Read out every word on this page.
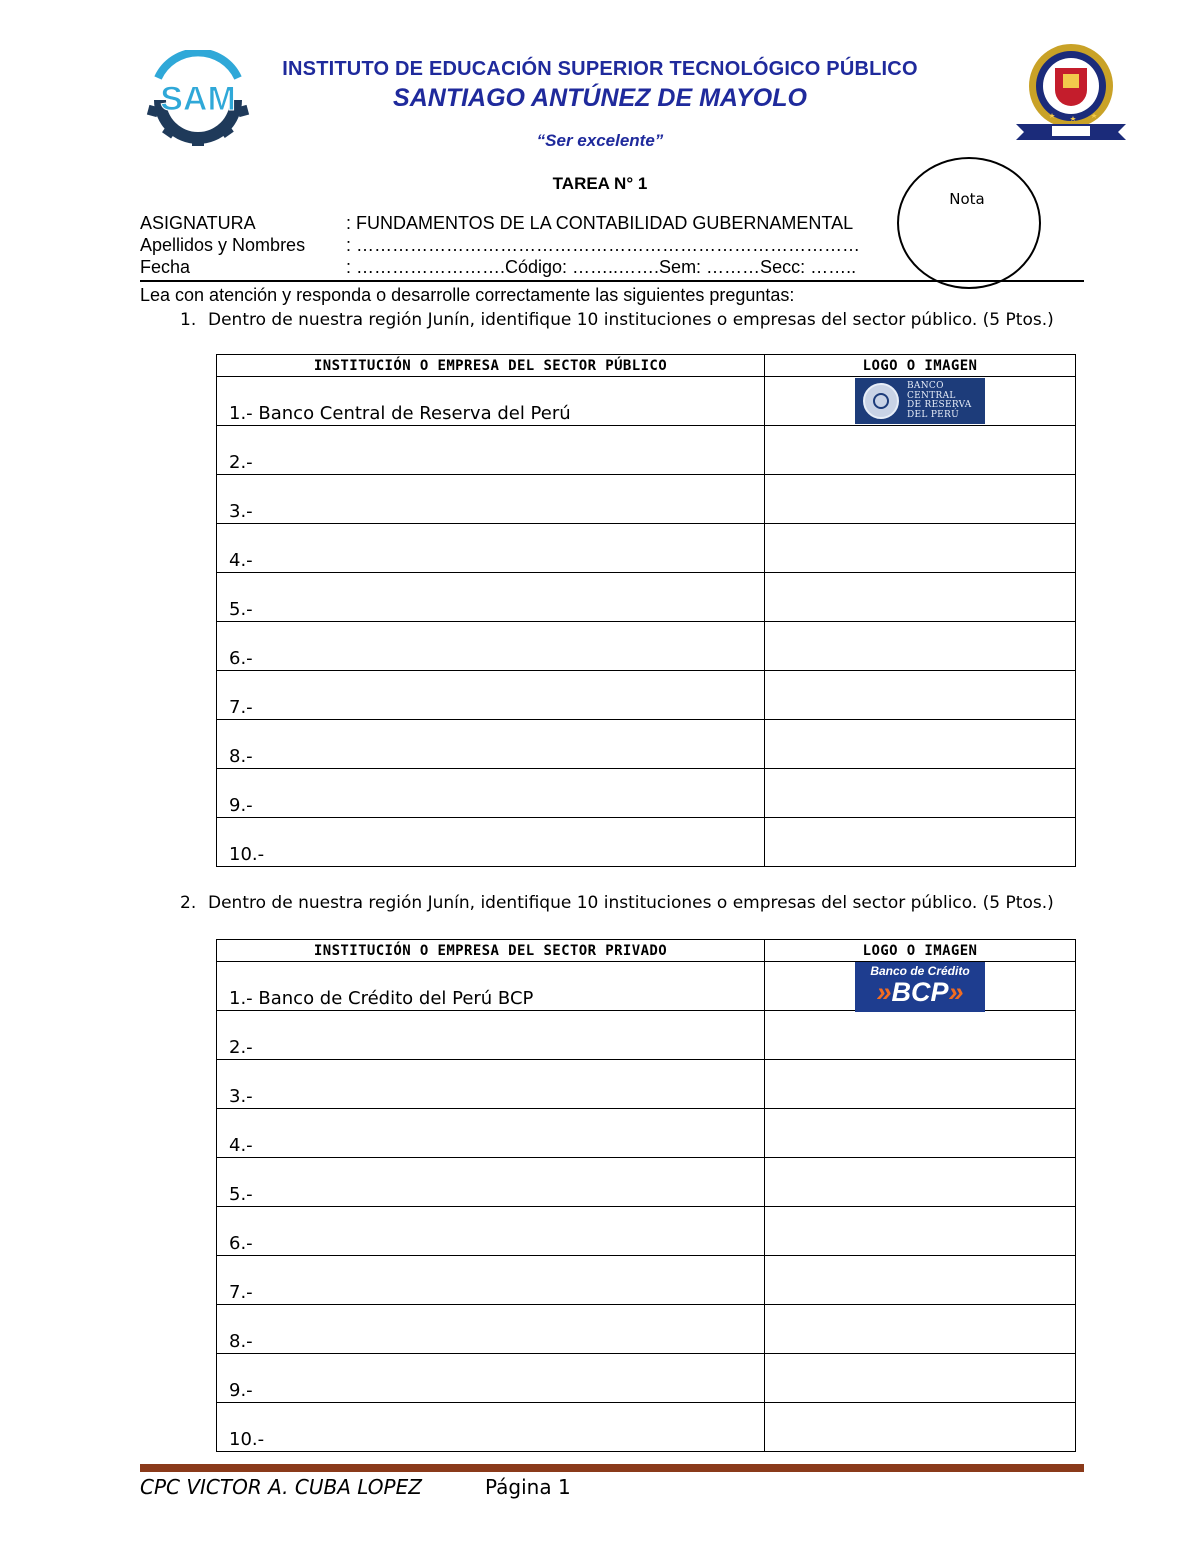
SAM
INSTITUTO DE EDUCACIÓN SUPERIOR TECNOLÓGICO PÚBLICO
SANTIAGO ANTÚNEZ DE MAYOLO
“Ser excelente”
TAREA N° 1
Nota
ASIGNATURA	: FUNDAMENTOS DE LA CONTABILIDAD GUBERNAMENTAL
Apellidos y Nombres : …………………………………………………………………………
Fecha	: …………………….Código: ……..…….Sem: ………Secc: ……..
Lea con atención y responda o desarrolle correctamente las siguientes preguntas:
1. Dentro de nuestra región Junín, identifique 10 instituciones o empresas del sector público. (5 Ptos.)
INSTITUCIÓN O EMPRESA DEL SECTOR PÚBLICO	LOGO O IMAGEN
1.- Banco Central de Reserva del Perú	BANCO
CENTRAL
DE RESERVA
DEL PERÚ

2.-	
3.-	
4.-	
5.-	
6.-	
7.-	
8.-	
9.-	
10.-	
2. Dentro de nuestra región Junín, identifique 10 instituciones o empresas del sector público. (5 Ptos.)
INSTITUCIÓN O EMPRESA DEL SECTOR PRIVADO	LOGO O IMAGEN
1.- Banco de Crédito del Perú BCP	Banco de Crédito
»BCP»

2.-	
3.-	
4.-	
5.-	
6.-	
7.-	
8.-	
9.-	
10.-	
CPC VICTOR A. CUBA LOPEZ	Página 1
